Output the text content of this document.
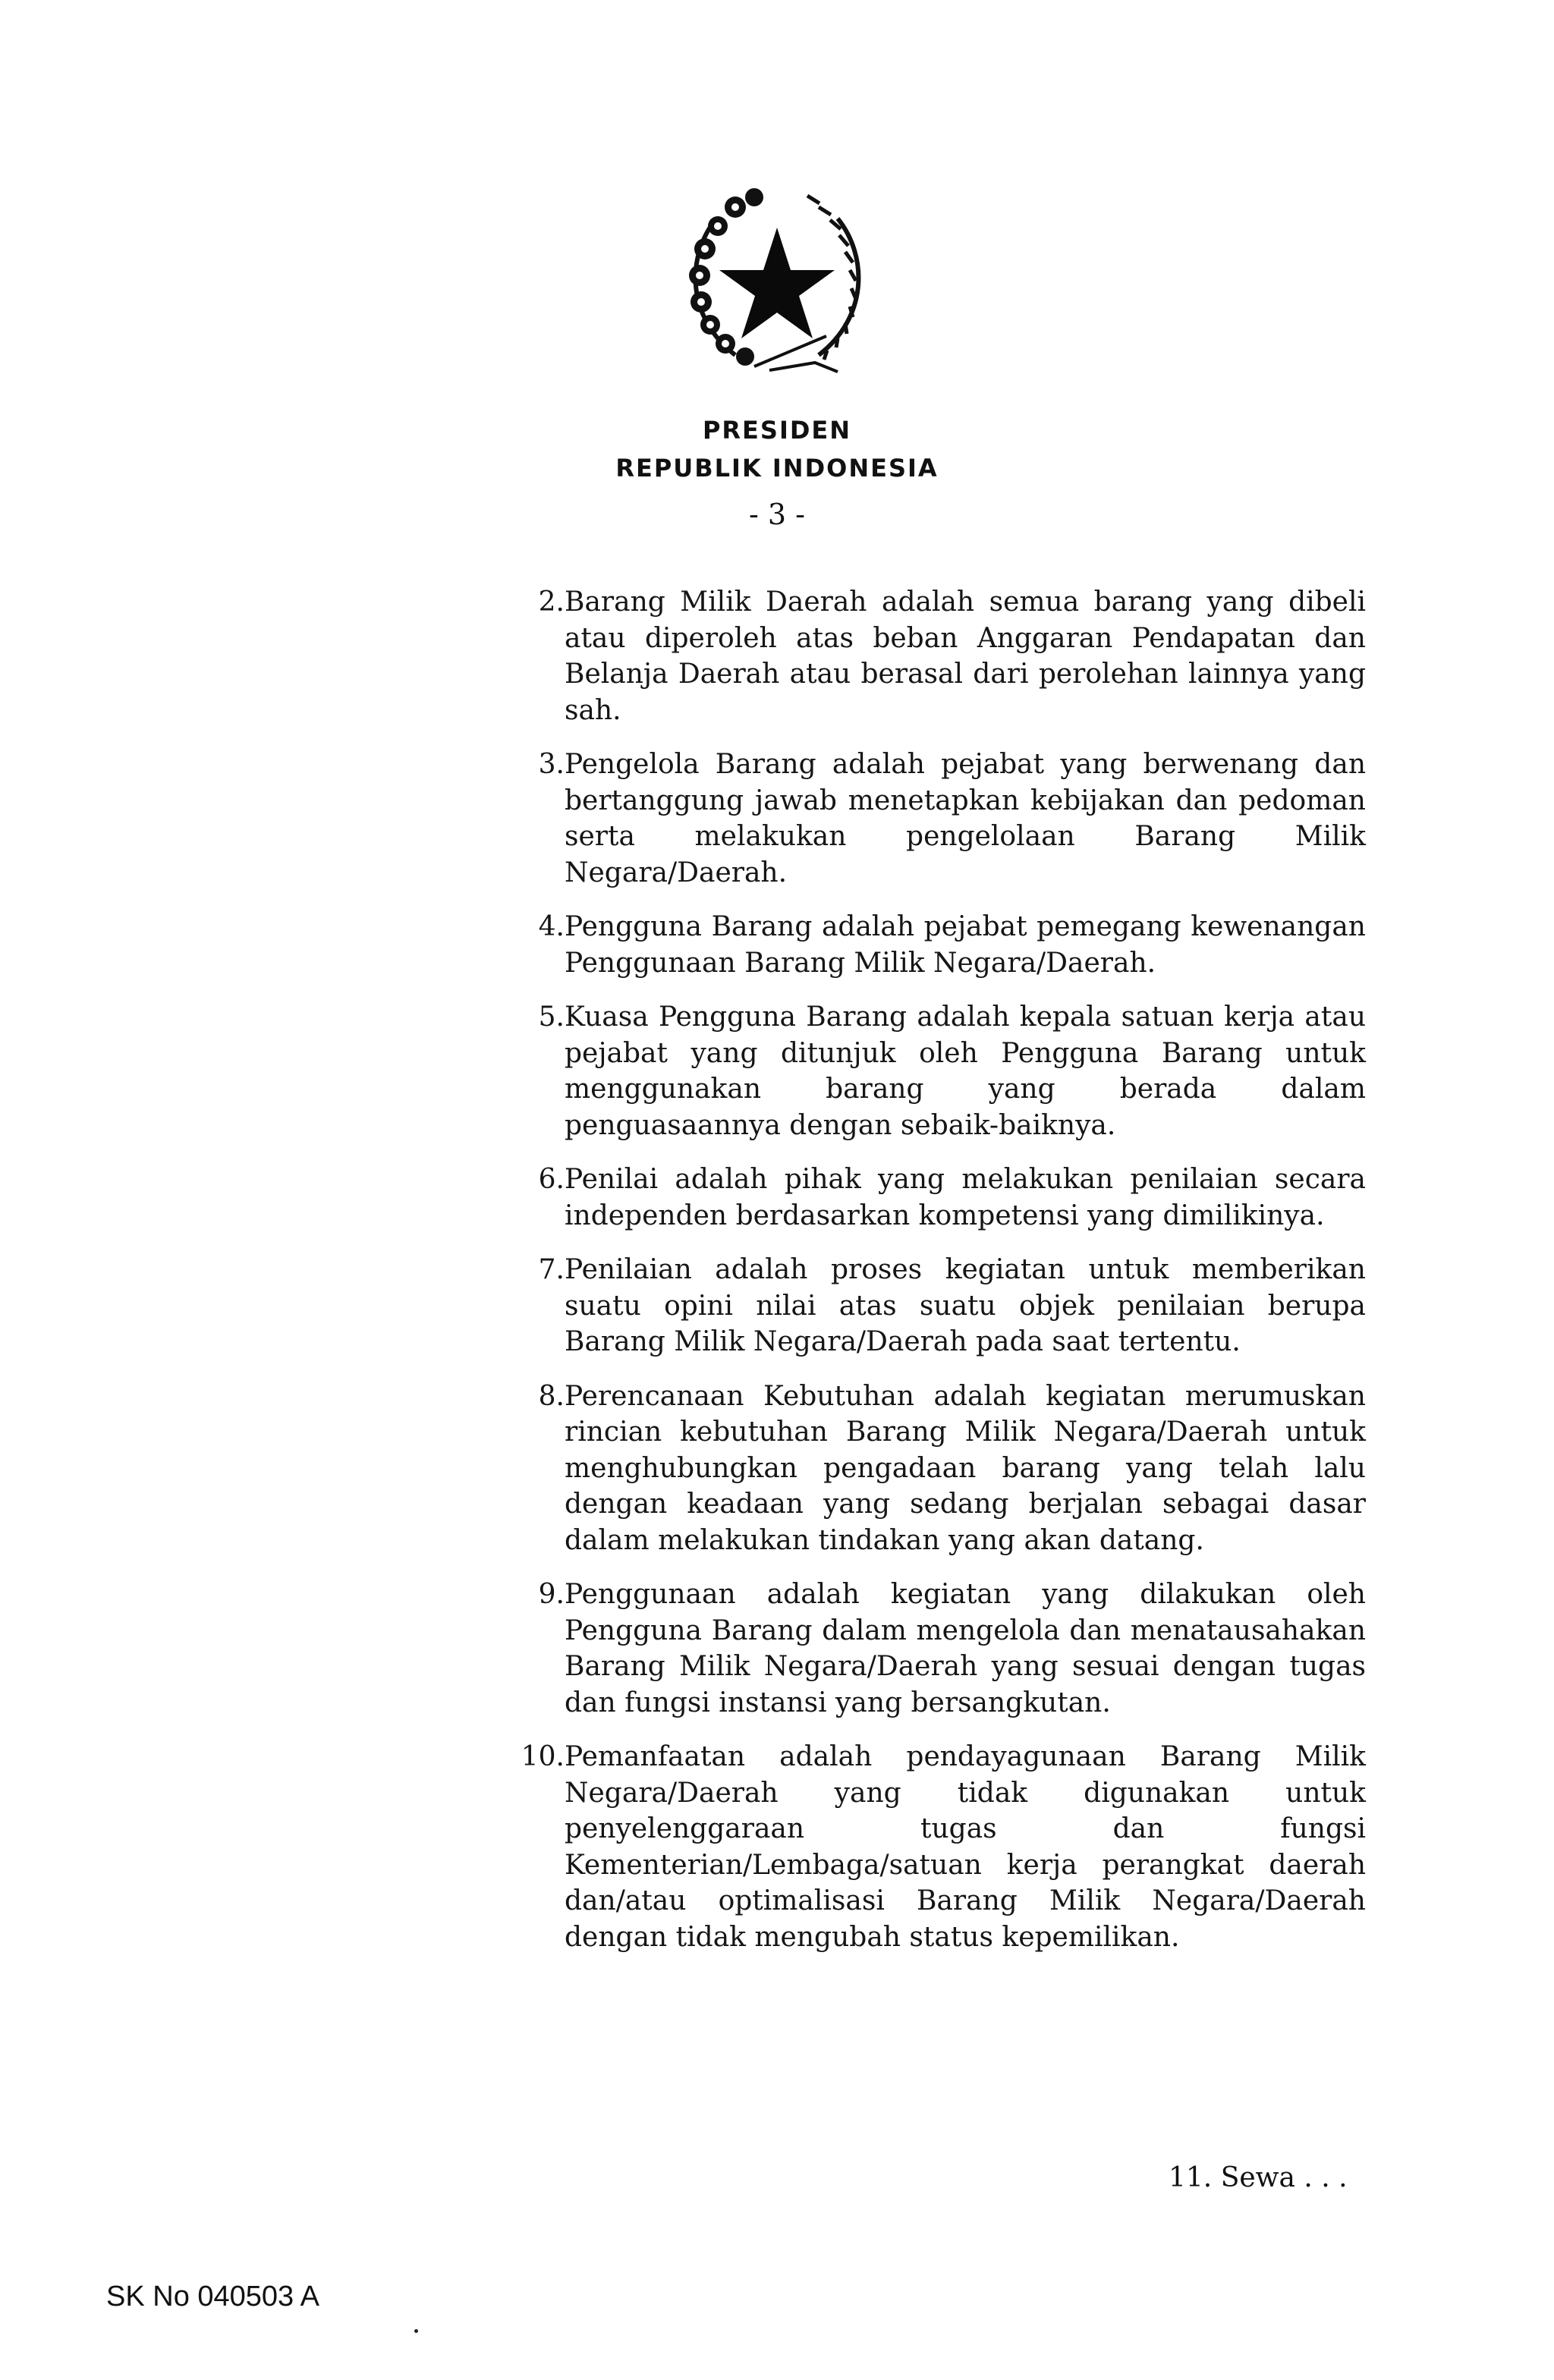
PRESIDEN
REPUBLIK INDONESIA
- 3 -
2. Barang Milik Daerah adalah semua barang yang dibeli atau diperoleh atas beban Anggaran Pendapatan dan Belanja Daerah atau berasal dari perolehan lainnya yang sah.
3. Pengelola Barang adalah pejabat yang berwenang dan bertanggung jawab menetapkan kebijakan dan pedoman serta melakukan pengelolaan Barang Milik Negara/Daerah.
4. Pengguna Barang adalah pejabat pemegang kewenangan Penggunaan Barang Milik Negara/Daerah.
5. Kuasa Pengguna Barang adalah kepala satuan kerja atau pejabat yang ditunjuk oleh Pengguna Barang untuk menggunakan barang yang berada dalam penguasaannya dengan sebaik-baiknya.
6. Penilai adalah pihak yang melakukan penilaian secara independen berdasarkan kompetensi yang dimilikinya.
7. Penilaian adalah proses kegiatan untuk memberikan suatu opini nilai atas suatu objek penilaian berupa Barang Milik Negara/Daerah pada saat tertentu.
8. Perencanaan Kebutuhan adalah kegiatan merumuskan rincian kebutuhan Barang Milik Negara/Daerah untuk menghubungkan pengadaan barang yang telah lalu dengan keadaan yang sedang berjalan sebagai dasar dalam melakukan tindakan yang akan datang.
9. Penggunaan adalah kegiatan yang dilakukan oleh Pengguna Barang dalam mengelola dan menatausahakan Barang Milik Negara/Daerah yang sesuai dengan tugas dan fungsi instansi yang bersangkutan.
10. Pemanfaatan adalah pendayagunaan Barang Milik Negara/Daerah yang tidak digunakan untuk penyelenggaraan tugas dan fungsi Kementerian/Lembaga/satuan kerja perangkat daerah dan/atau optimalisasi Barang Milik Negara/Daerah dengan tidak mengubah status kepemilikan.
11. Sewa . . .
SK No 040503 A
